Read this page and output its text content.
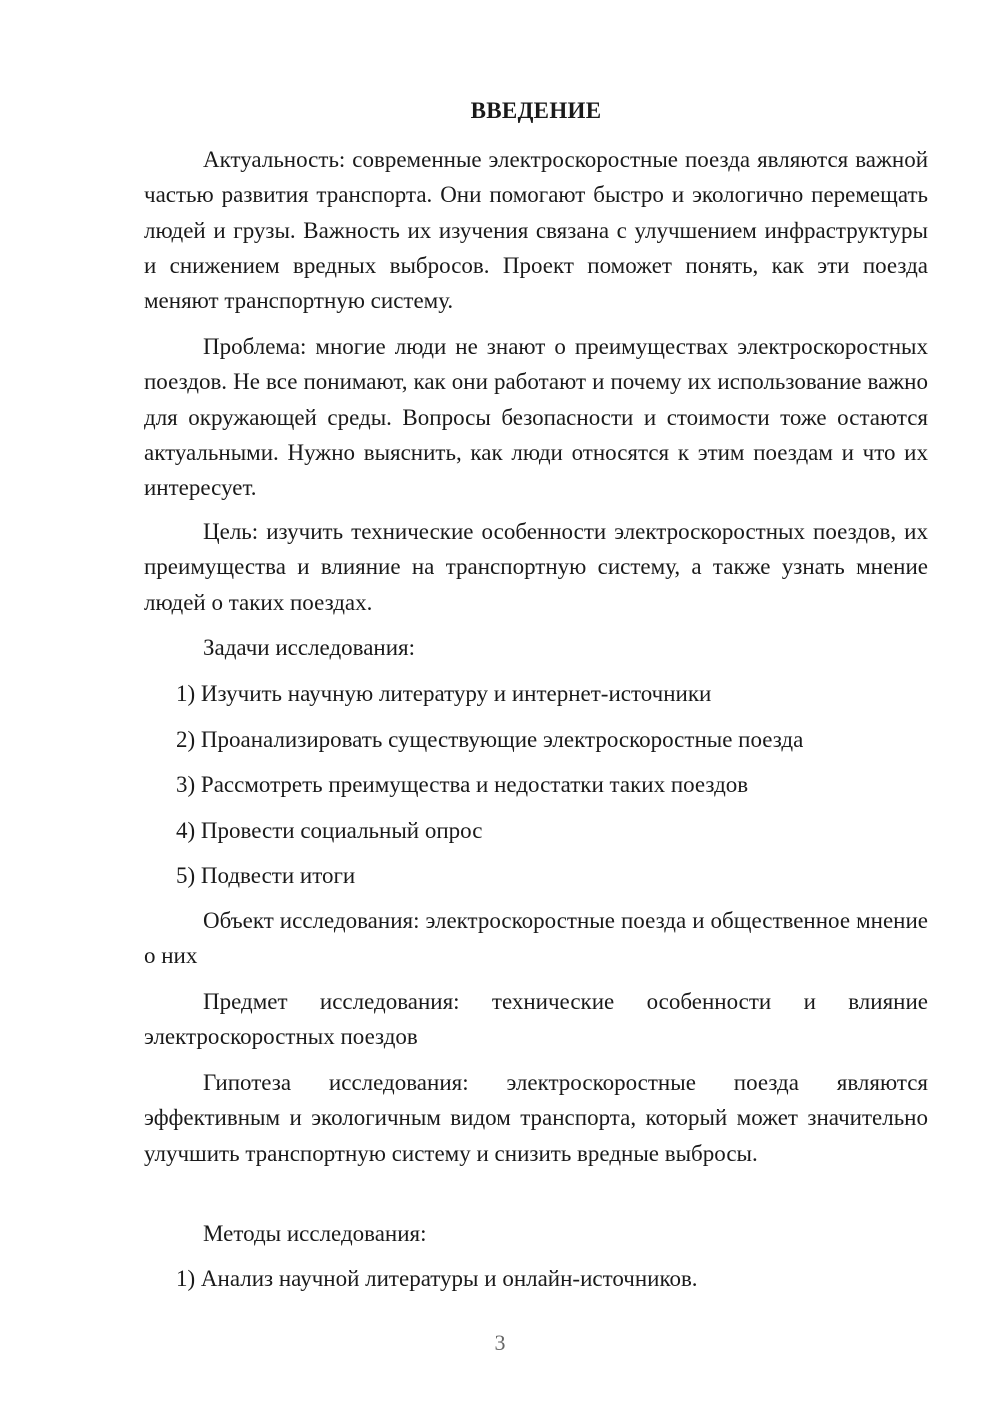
ВВЕДЕНИЕ

Актуальность: современные электроскоростные поезда являются важной частью развития транспорта. Они помогают быстро и экологично перемещать людей и грузы. Важность их изучения связана с улучшением инфраструктуры и снижением вредных выбросов. Проект поможет понять, как эти поезда меняют транспортную систему.

Проблема: многие люди не знают о преимуществах электроскоростных поездов. Не все понимают, как они работают и почему их использование важно для окружающей среды. Вопросы безопасности и стоимости тоже остаются актуальными. Нужно выяснить, как люди относятся к этим поездам и что их интересует.

Цель: изучить технические особенности электроскоростных поездов, их преимущества и влияние на транспортную систему, а также узнать мнение людей о таких поездах.

Задачи исследования:
1) Изучить научную литературу и интернет-источники
2) Проанализировать существующие электроскоростные поезда
3) Рассмотреть преимущества и недостатки таких поездов
4) Провести социальный опрос
5) Подвести итоги

Объект исследования: электроскоростные поезда и общественное мнение о них

Предмет исследования: технические особенности и влияние электроскоростных поездов

Гипотеза исследования: электроскоростные поезда являются эффективным и экологичным видом транспорта, который может значительно улучшить транспортную систему и снизить вредные выбросы.

Методы исследования:
1) Анализ научной литературы и онлайн-источников.
3
